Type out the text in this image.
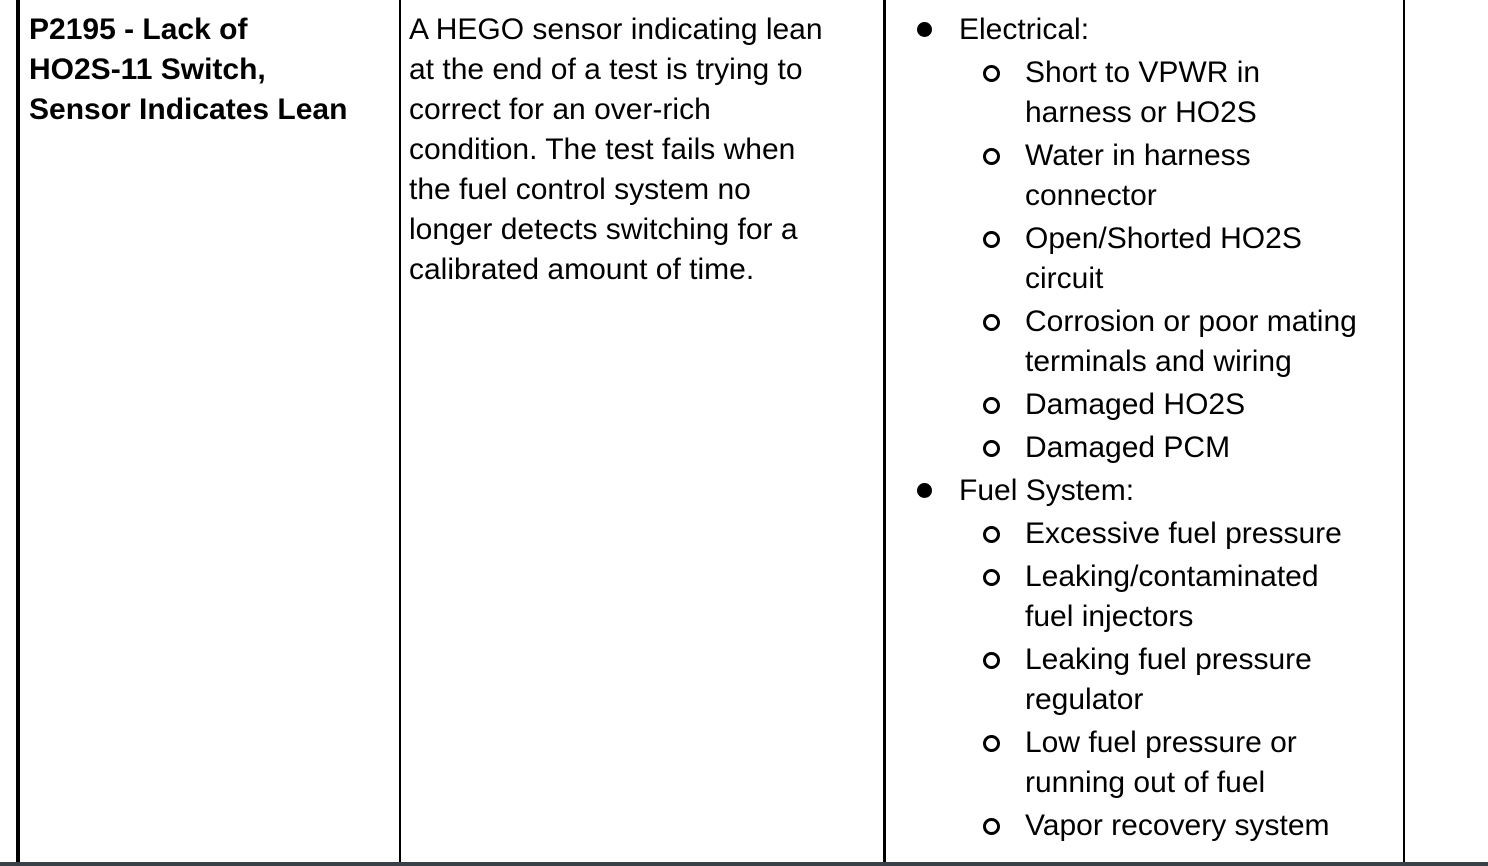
P2195 - Lack of
HO2S-11 Switch,
Sensor Indicates Lean
A HEGO sensor indicating lean
at the end of a test is trying to
correct for an over-rich
condition. The test fails when
the fuel control system no
longer detects switching for a
calibrated amount of time.
Electrical:
Short to VPWR in
harness or HO2S
Water in harness
connector
Open/Shorted HO2S
circuit
Corrosion or poor mating
terminals and wiring
Damaged HO2S
Damaged PCM
Fuel System:
Excessive fuel pressure
Leaking/contaminated
fuel injectors
Leaking fuel pressure
regulator
Low fuel pressure or
running out of fuel
Vapor recovery system
